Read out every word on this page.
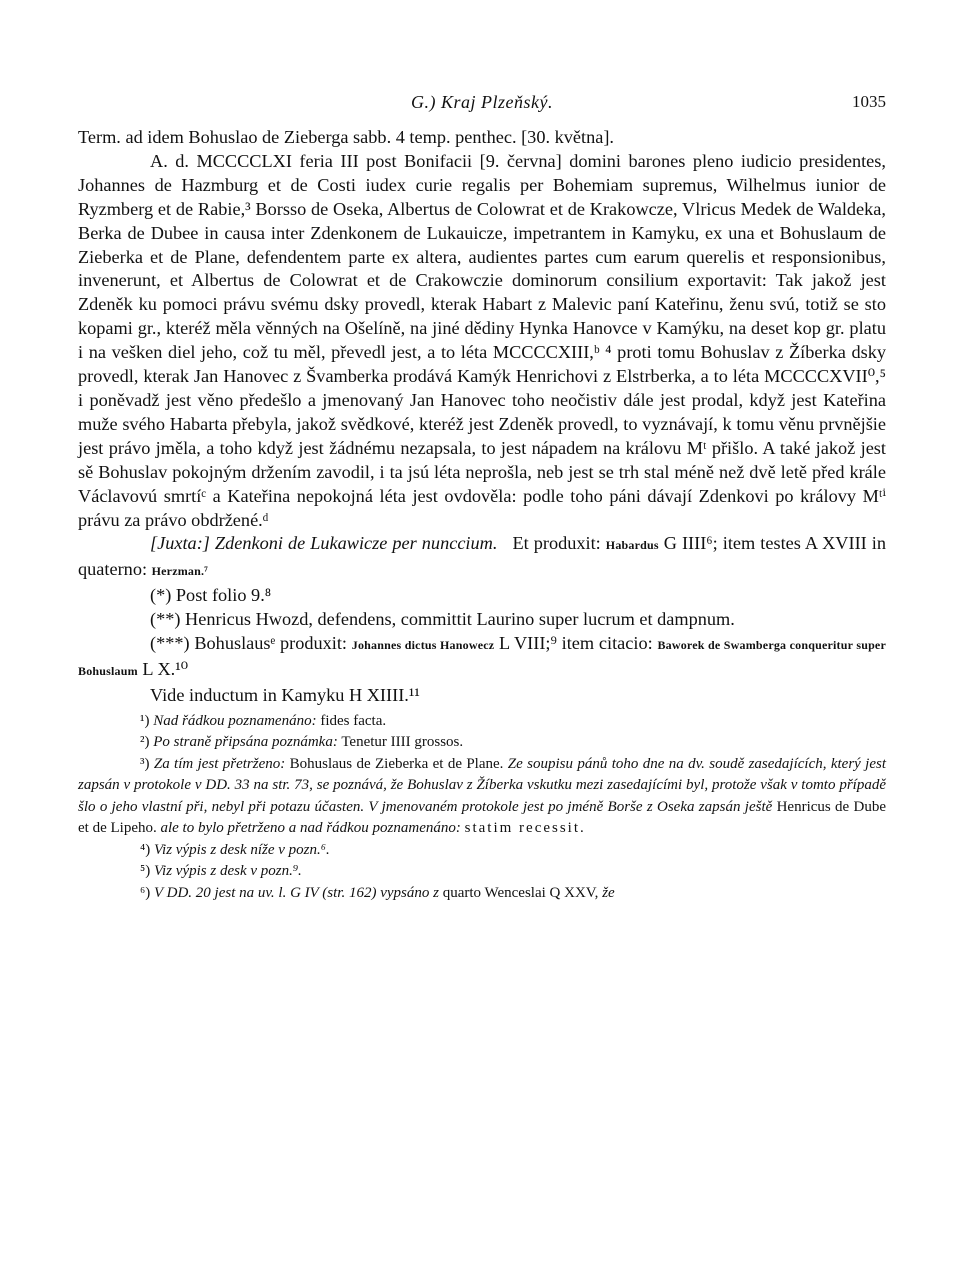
G.) Kraj Plzeňský.	1035

Term. ad idem Bohuslao de Zieberga sabb. 4 temp. penthec. [30. května].

A. d. MCCCCLXI feria III post Bonifacii [9. června] domini barones pleno iudicio presidentes, Johannes de Hazmburg et de Costi iudex curie regalis per Bohemiam supremus, Wilhelmus iunior de Ryzmberg et de Rabie,³ Borsso de Oseka, Albertus de Colowrat et de Krakowcze, Vlricus Medek de Waldeka, Berka de Dubee in causa inter Zdenkonem de Lukauicze, impetrantem in Kamyku, ex una et Bohuslaum de Zieberka et de Plane, defendentem parte ex altera, audientes partes cum earum querelis et responsionibus, invenerunt, et Albertus de Colowrat et de Crakowczie dominorum consilium exportavit: Tak jakož jest Zdeněk ku pomoci právu svému dsky provedl, kterak Habart z Malevic paní Kateřinu, ženu svú, totiž se sto kopami gr., kteréž měla věnných na Ošelíně, na jiné dědiny Hynka Hanovce v Kamýku, na deset kop gr. platu i na vešken diel jeho, což tu měl, převedl jest, a to léta MCCCCXIII,ᵇ ⁴ proti tomu Bohuslav z Žíberka dsky provedl, kterak Jan Hanovec z Švamberka prodává Kamýk Henrichovi z Elstrberka, a to léta MCCCCXVII⁰,⁵ i poněvadž jest věno předešlo a jmenovaný Jan Hanovec toho neočistiv dále jest prodal, když jest Kateřina muže svého Habarta přebyla, jakož svědkové, kteréž jest Zdeněk provedl, to vyznávají, k tomu věnu prvnějšie jest právo jměla, a toho když jest žádnému nezapsala, to jest nápadem na královu Mᵗ přišlo. A také jakož jest sě Bohuslav pokojným držením zavodil, i ta jsú léta neprošla, neb jest se trh stal méně než dvě letě před krále Václavovú smrtíᶜ a Kateřina nepokojná léta jest ovdověla: podle toho páni dávají Zdenkovi po královy Mᵗⁱ právu za právo obdržené.ᵈ

[Juxta:] Zdenkoni de Lukawicze per nunccium. Et produxit: Habardus G IIII⁶; item testes A XVIII in quaterno: Herzman.⁷

(*) Post folio 9.⁸

(**) Henricus Hwozd, defendens, committit Laurino super lucrum et dampnum.

(***) Bohuslausᵉ produxit: Johannes dictus Hanowecz L VIII;⁹ item citacio: Baworek de Swamberga conqueritur super Bohuslaum L X.¹⁰

Vide inductum in Kamyku H XIIII.¹¹

¹) Nad řádkou poznamenáno: fides facta.

²) Po straně připsána poznámka: Tenetur IIII grossos.

³) Za tím jest přetrženo: Bohuslaus de Zieberka et de Plane. Ze soupisu pánů toho dne na dv. soudě zasedajících, který jest zapsán v protokole v DD. 33 na str. 73, se poznává, že Bohuslav z Žíberka vskutku mezi zasedajícími byl, protože však v tomto případě šlo o jeho vlastní při, nebyl při potazu účasten. V jmenovaném protokole jest po jméně Borše z Oseka zapsán ještě Henricus de Dube et de Lipeho. ale to bylo přetrženo a nad řádkou poznamenáno: statim recessit.

⁴) Viz výpis z desk níže v pozn.⁶.

⁵) Viz výpis z desk v pozn.⁹.

⁶) V DD. 20 jest na uv. l. G IV (str. 162) vypsáno z quarto Wenceslai Q XXV, že
